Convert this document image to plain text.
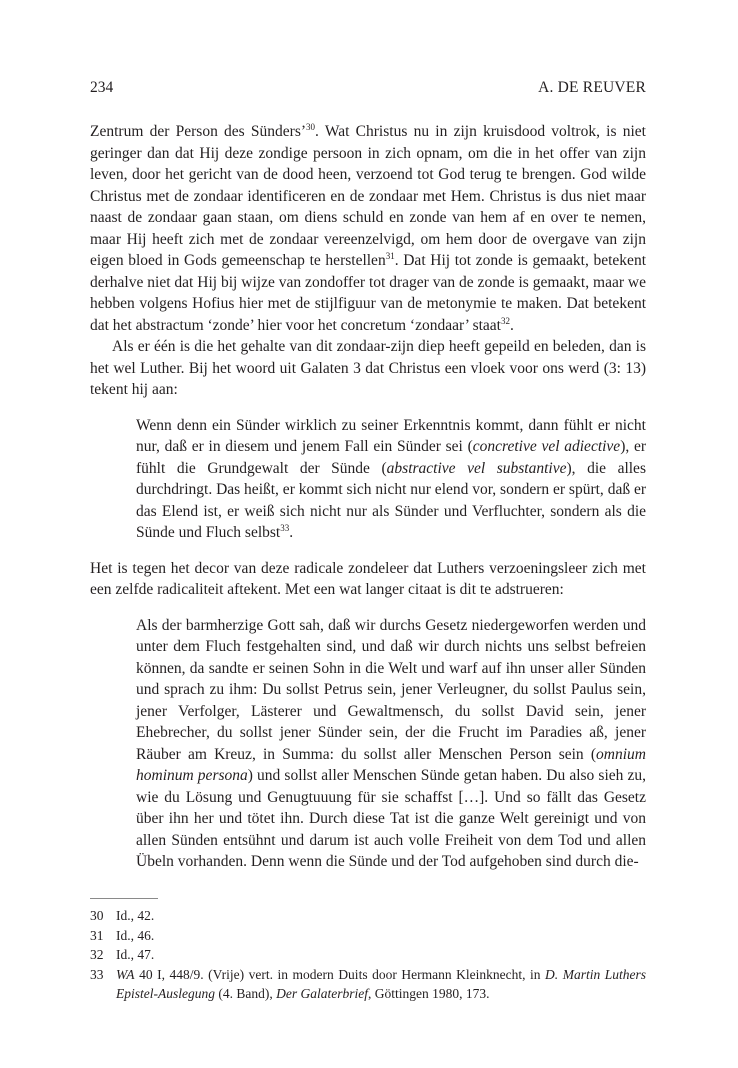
234	A. DE REUVER

Zentrum der Person des Sünders’$^{30}$. Wat Christus nu in zijn kruisdood voltrok, is niet geringer dan dat Hij deze zondige persoon in zich opnam, om die in het offer van zijn leven, door het gericht van de dood heen, verzoend tot God terug te brengen. God wilde Christus met de zondaar identificeren en de zondaar met Hem. Christus is dus niet maar naast de zondaar gaan staan, om diens schuld en zonde van hem af en over te nemen, maar Hij heeft zich met de zondaar vereenzelvigd, om hem door de overgave van zijn eigen bloed in Gods gemeenschap te herstellen$^{31}$. Dat Hij tot zonde is gemaakt, betekent derhalve niet dat Hij bij wijze van zondoffer tot drager van de zonde is gemaakt, maar we hebben volgens Hofius hier met de stijlfiguur van de metonymie te maken. Dat betekent dat het abstractum ‘zonde’ hier voor het concretum ‘zondaar’ staat$^{32}$.

Als er één is die het gehalte van dit zondaar-zijn diep heeft gepeild en beleden, dan is het wel Luther. Bij het woord uit Galaten 3 dat Christus een vloek voor ons werd (3: 13) tekent hij aan:

Wenn denn ein Sünder wirklich zu seiner Erkenntnis kommt, dann fühlt er nicht nur, daß er in diesem und jenem Fall ein Sünder sei (concretive vel adiective), er fühlt die Grundgewalt der Sünde (abstractive vel substantive), die alles durchdringt. Das heißt, er kommt sich nicht nur elend vor, sondern er spürt, daß er das Elend ist, er weiß sich nicht nur als Sünder und Verfluchter, sondern als die Sünde und Fluch selbst$^{33}$.

Het is tegen het decor van deze radicale zondeleer dat Luthers verzoeningsleer zich met een zelfde radicaliteit aftekent. Met een wat langer citaat is dit te adstrueren:

Als der barmherzige Gott sah, daß wir durchs Gesetz niedergeworfen werden und unter dem Fluch festgehalten sind, und daß wir durch nichts uns selbst befreien können, da sandte er seinen Sohn in die Welt und warf auf ihn unser aller Sünden und sprach zu ihm: Du sollst Petrus sein, jener Verleugner, du sollst Paulus sein, jener Verfolger, Lästerer und Gewaltmensch, du sollst David sein, jener Ehebrecher, du sollst jener Sünder sein, der die Frucht im Paradies aß, jener Räuber am Kreuz, in Summa: du sollst aller Menschen Person sein (omnium hominum persona) und sollst aller Menschen Sünde getan haben. Du also sieh zu, wie du Lösung und Genugtuuung für sie schaffst […]. Und so fällt das Gesetz über ihn her und tötet ihn. Durch diese Tat ist die ganze Welt gereinigt und von allen Sünden entsühnt und darum ist auch volle Freiheit von dem Tod und allen Übeln vorhanden. Denn wenn die Sünde und der Tod aufgehoben sind durch die-

30 Id., 42.
31 Id., 46.
32 Id., 47.
33 WA 40 I, 448/9. (Vrije) vert. in modern Duits door Hermann Kleinknecht, in D. Martin Luthers Epistel-Auslegung (4. Band), Der Galaterbrief, Göttingen 1980, 173.
